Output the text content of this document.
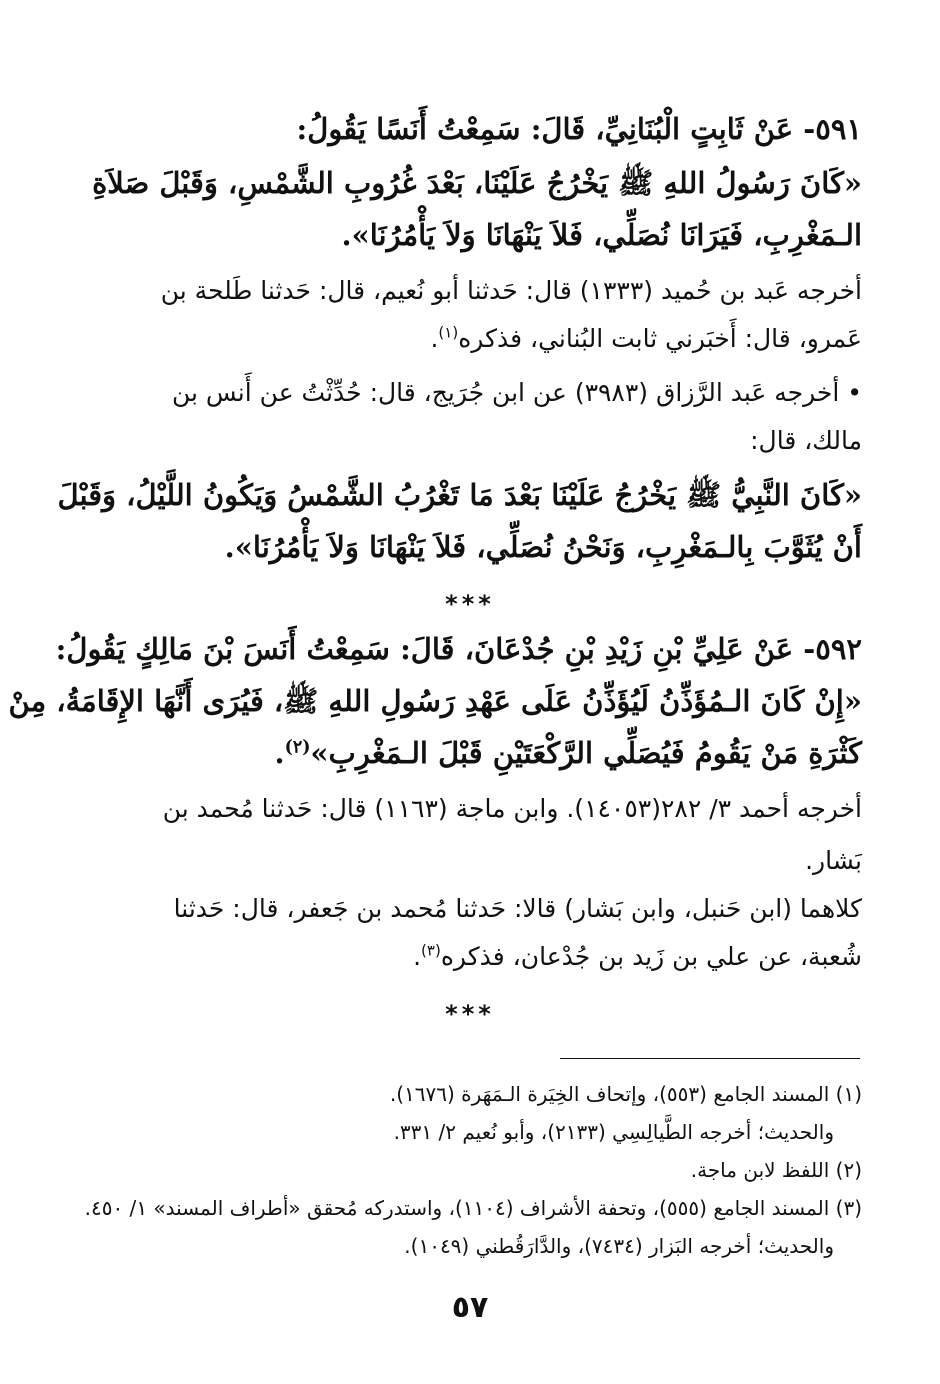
٥٩١- عَنْ ثَابِتٍ الْبُنَانِيِّ، قَالَ: سَمِعْتُ أَنَسًا يَقُولُ:
«كَانَ رَسُولُ اللهِ ﷺ يَخْرُجُ عَلَيْنَا، بَعْدَ غُرُوبِ الشَّمْسِ، وَقَبْلَ صَلاَةِ
الـمَغْرِبِ، فَيَرَانَا نُصَلِّي، فَلاَ يَنْهَانَا وَلاَ يَأْمُرُنَا».
أخرجه عَبد بن حُميد (١٣٣٣) قال: حَدثنا أبو نُعيم، قال: حَدثنا طَلحة بن
عَمرو، قال: أَخبَرني ثابت البُناني، فذكره$^{(١)}$.
• أخرجه عَبد الرَّزاق (٣٩٨٣) عن ابن جُرَيج، قال: حُدِّثْتُ عن أَنس بن
مالك، قال:
«كَانَ النَّبِيُّ ﷺ يَخْرُجُ عَلَيْنَا بَعْدَ مَا تَغْرُبُ الشَّمْسُ وَيَكُونُ اللَّيْلُ، وَقَبْلَ
أَنْ يُثَوَّبَ بِالـمَغْرِبِ، وَنَحْنُ نُصَلِّي، فَلاَ يَنْهَانَا وَلاَ يَأْمُرُنَا».
***
٥٩٢- عَنْ عَلِيِّ بْنِ زَيْدِ بْنِ جُدْعَانَ، قَالَ: سَمِعْتُ أَنَسَ بْنَ مَالِكٍ يَقُولُ:
«إِنْ كَانَ الـمُؤَذِّنُ لَيُؤَذِّنُ عَلَى عَهْدِ رَسُولِ اللهِ ﷺ، فَيُرَى أَنَّهَا الإِقَامَةُ، مِنْ
كَثْرَةِ مَنْ يَقُومُ فَيُصَلِّي الرَّكْعَتَيْنِ قَبْلَ الـمَغْرِبِ»$^{(٢)}$.
أخرجه أحمد ٣/ ٢٨٢(١٤٠٥٣). وابن ماجة (١١٦٣) قال: حَدثنا مُحمد بن
بَشار.
كلاهما (ابن حَنبل، وابن بَشار) قالا: حَدثنا مُحمد بن جَعفر، قال: حَدثنا
شُعبة، عن علي بن زَيد بن جُدْعان، فذكره$^{(٣)}$.
***
(١) المسند الجامع (٥٥٣)، وإتحاف الخِيَرة الـمَهَرة (١٦٧٦).
والحديث؛ أخرجه الطَّيالِسِي (٢١٣٣)، وأبو نُعيم ٢/ ٣٣١.
(٢) اللفظ لابن ماجة.
(٣) المسند الجامع (٥٥٥)، وتحفة الأشراف (١١٠٤)، واستدركه مُحقق «أطراف المسند» ١/ ٤٥٠.
والحديث؛ أخرجه البَزار (٧٤٣٤)، والدَّارَقُطني (١٠٤٩).
٥٧
